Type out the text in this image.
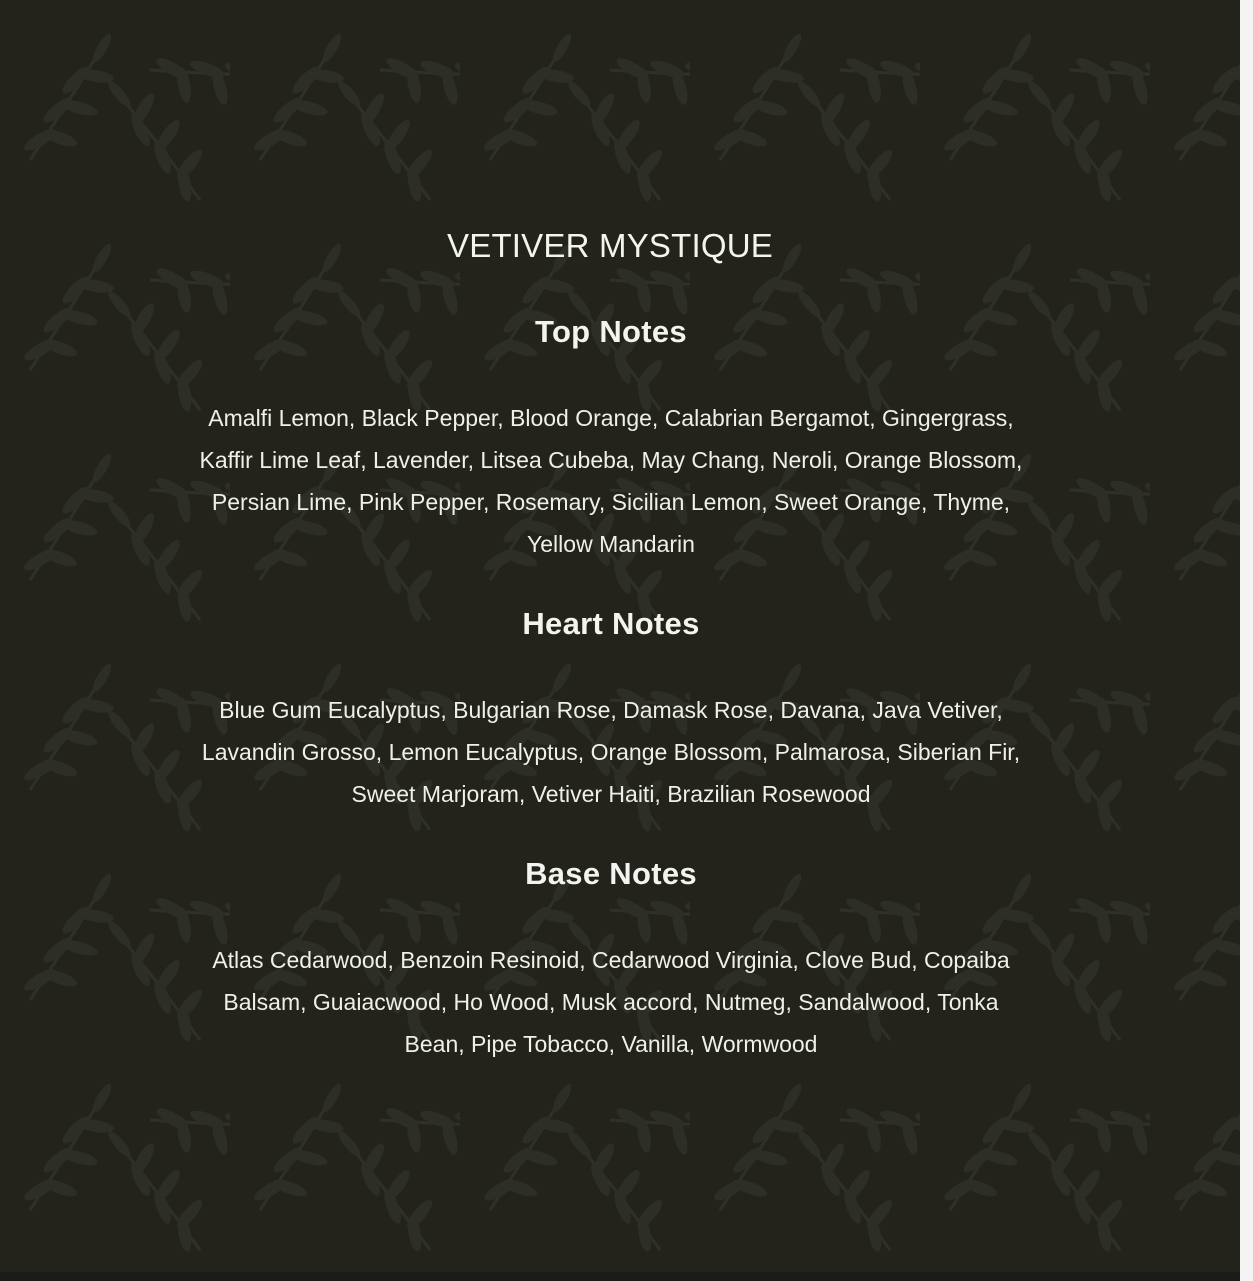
VETIVER MYSTIQUE
Top Notes

Amalfi Lemon, Black Pepper, Blood Orange, Calabrian Bergamot, Gingergrass, Kaffir Lime Leaf, Lavender, Litsea Cubeba, May Chang, Neroli, Orange Blossom, Persian Lime, Pink Pepper, Rosemary, Sicilian Lemon, Sweet Orange, Thyme, Yellow Mandarin

Heart Notes

Blue Gum Eucalyptus, Bulgarian Rose, Damask Rose, Davana, Java Vetiver, Lavandin Grosso, Lemon Eucalyptus, Orange Blossom, Palmarosa, Siberian Fir, Sweet Marjoram, Vetiver Haiti, Brazilian Rosewood

Base Notes

Atlas Cedarwood, Benzoin Resinoid, Cedarwood Virginia, Clove Bud, Copaiba Balsam, Guaiacwood, Ho Wood, Musk accord, Nutmeg, Sandalwood, Tonka Bean, Pipe Tobacco, Vanilla, Wormwood
